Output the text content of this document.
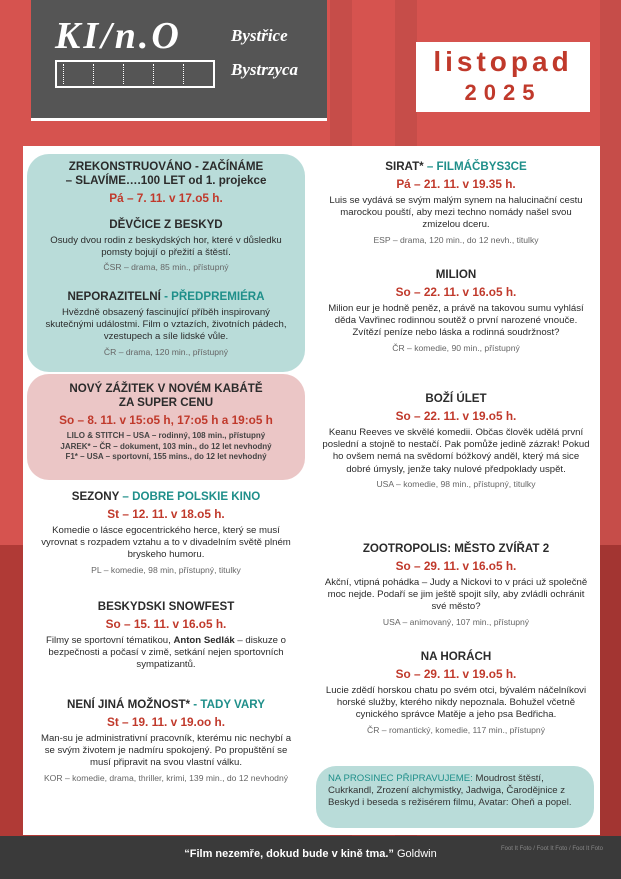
KI/n.O	Bystřice
Bystrzyca	listopad
2025
ZREKONSTRUOVÁNO - ZAČÍNÁME
– SLAVÍME….100 LET od 1. projekce
Pá – 7. 11. v 17.o5 h.
DĚVČICE Z BESKYD
Osudy dvou rodin z beskydských hor, které v důsledku pomsty bojují o přežití a štěstí.
ČSR – drama, 85 min., přístupný
NEPORAZITELNÍ - PŘEDPREMIÉRA
Hvězdně obsazený fascinující příběh inspirovaný skutečnými událostmi. Film o vztazích, životních pádech, vzestupech a síle lidské vůle.
ČR – drama, 120 min., přístupný
NOVÝ ZÁŽITEK V NOVÉM KABÁTĚ
ZA SUPER CENU
So – 8. 11. v 15:o5 h, 17:o5 h a 19:o5 h
LILO & STITCH – USA – rodinný, 108 min., přístupný
JAREK* – ČR – dokument, 103 min., do 12 let nevhodný
F1* – USA – sportovní, 155 mins., do 12 let nevhodný
SEZONY – DOBRE POLSKIE KINO
St – 12. 11. v 18.o5 h.
Komedie o lásce egocentrického herce, který se musí vyrovnat s rozpadem vztahu a to v divadelním světě plném bryskeho humoru.
PL – komedie, 98 min, přístupný, titulky
BESKYDSKI SNOWFEST
So – 15. 11. v 16.o5 h.
Filmy se sportovní tématikou, Anton Sedlák – diskuze o bezpečnosti a počasí v zimě, setkání nejen sportovních sympatizantů.
NENÍ JINÁ MOŽNOST* - TADY VARY
St – 19. 11. v 19.oo h.
Man-su je administrativní pracovník, kterému nic nechybí a se svým životem je nadmíru spokojený. Po propuštění se musí připravit na svou vlastní válku.
KOR – komedie, drama, thriller, krimi, 139 min., do 12 nevhodný
SIRAT* – FILMÁČBYS3CE
Pá – 21. 11. v 19.35 h.
Luis se vydává se svým malým synem na halucinační cestu marockou pouští, aby mezi techno nomády našel svou zmizelou dceru.
ESP – drama, 120 min., do 12 nevh., titulky
MILION
So – 22. 11. v 16.o5 h.
Milion eur je hodně peněz, a právě na takovou sumu vyhlásí děda Vavřinec rodinnou soutěž o první narozené vnouče. Zvítězí peníze nebo láska a rodinná soudržnost?
ČR – komedie, 90 min., přístupný
BOŽÍ ÚLET
So – 22. 11. v 19.o5 h.
Keanu Reeves ve skvělé komedii. Občas člověk udělá první poslední a stojně to nestačí. Pak pomůže jedině zázrak! Pokud ho ovšem nemá na svědomí bóžkový anděl, který má sice dobré úmysly, jenže taky nulové předpoklady uspět.
USA – komedie, 98 min., přístupný, titulky
ZOOTROPOLIS: MĚSTO ZVÍŘAT 2
So – 29. 11. v 16.o5 h.
Akční, vtipná pohádka – Judy a Nickovi to v práci už společně moc nejde. Podaří se jim ještě spojit síly, aby zvládli ochránit své město?
USA – animovaný, 107 min., přístupný
NA HORÁCH
So – 29. 11. v 19.o5 h.
Lucie zdědí horskou chatu po svém otci, bývalém náčelníkovi horské služby, kterého nikdy nepoznala. Bohužel včetně cynického správce Matěje a jeho psa Bedřicha.
ČR – romantický, komedie, 117 min., přístupný
NA PROSINEC PŘIPRAVUJEME: Moudrost štěstí, Cukrkandl, Zrození alchymistky, Jadwiga, Čarodějnice z Beskyd i beseda s režisérem filmu, Avatar: Oheň a popel.
“Film nezemře, dokud bude v kině tma.” Goldwin	Foot It Foto / Foot It Foto / Foot It Foto
